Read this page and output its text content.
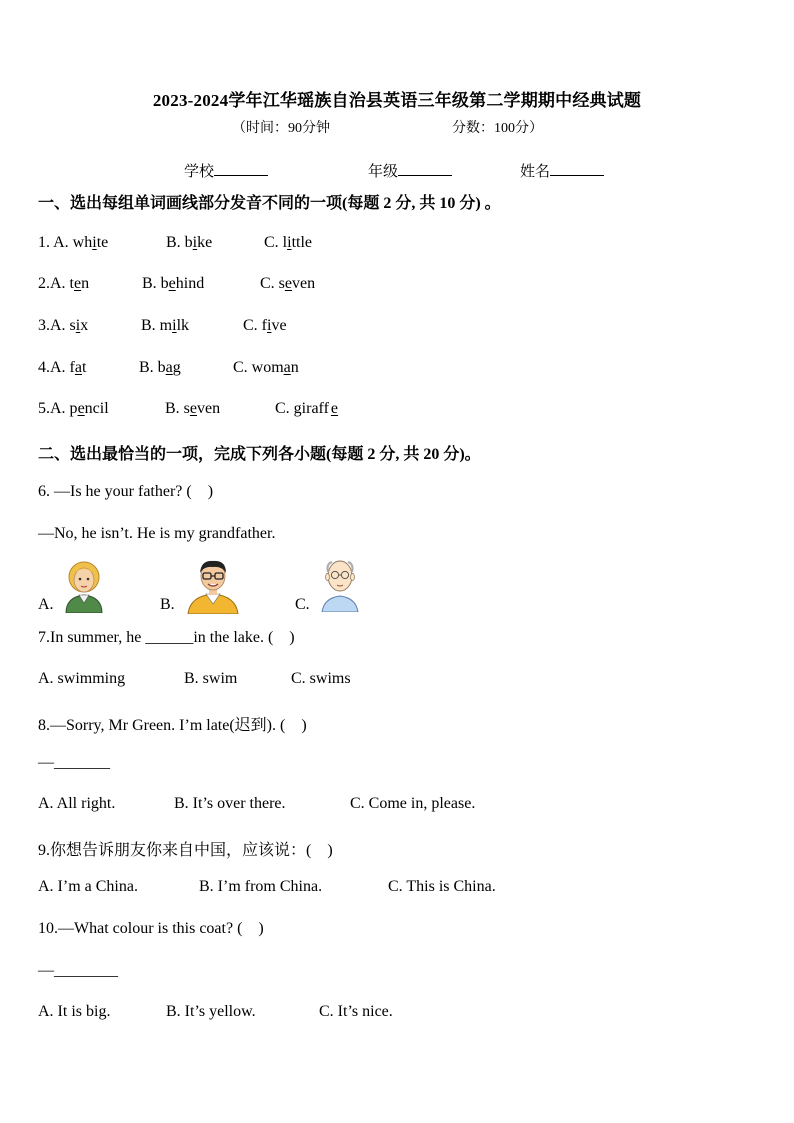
2023-2024学年江华瑶族自治县英语三年级第二学期期中经典试题
（时间：90分钟	分数：100分）
学校	年级	姓名
一、选出每组单词画线部分发音不同的一项(每题 2 分, 共 10 分) 。
1. A. white	B. bike	C. little
2.A. ten	B. behind	C. seven
3.A. six	B. milk	C. five
4.A. fat	B. bag	C. woman
5.A. pencil	B. seven	C. giraff e
二、选出最恰当的一项，完成下列各小题(每题 2 分, 共 20 分)。
6. —Is he your father? (    )
—No, he isn’t. He is my grandfather.
A.	B.	C.
7.In summer, he ______in the lake. (    )
A. swimming	B. swim	C. swims
8.—Sorry, Mr Green. I’m late(迟到). (    )
—_______
A. All right.	B. It’s over there.	C. Come in, please.
9.你想告诉朋友你来自中国，应该说：(    )
A. I’m a China.	B. I’m from China.	C. This is China.
10.—What colour is this coat? (    )
—________
A. It is big.	B. It’s yellow.	C. It’s nice.
